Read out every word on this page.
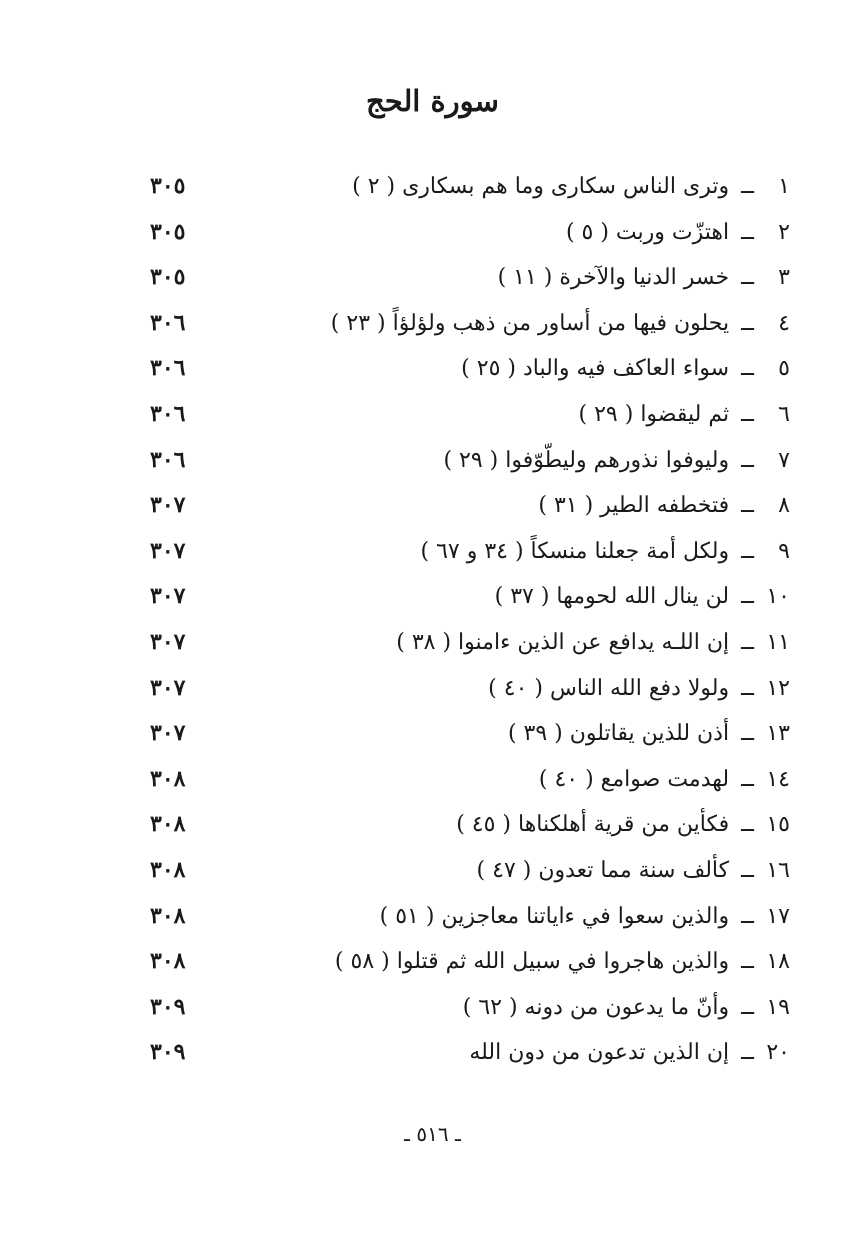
سورة الحج
١ــوترى الناس سكارى وما هم بسكارى ( ٢ )
٣٠٥
٢ــاهتزّت وربت ( ٥ )
٣٠٥
٣ــخسر الدنيا والآخرة ( ١١ )
٣٠٥
٤ــيحلون فيها من أساور من ذهب ولؤلؤاً ( ٢٣ )
٣٠٦
٥ــسواء العاكف فيه والباد ( ٢٥ )
٣٠٦
٦ــثم ليقضوا ( ٢٩ )
٣٠٦
٧ــوليوفوا نذورهم وليطّوّفوا ( ٢٩ )
٣٠٦
٨ــفتخطفه الطير ( ٣١ )
٣٠٧
٩ــولكل أمة جعلنا منسكاً ( ٣٤ و ٦٧ )
٣٠٧
١٠ــلن ينال الله لحومها ( ٣٧ )
٣٠٧
١١ــإن اللـه يدافع عن الذين ءامنوا ( ٣٨ )
٣٠٧
١٢ــولولا دفع الله الناس ( ٤٠ )
٣٠٧
١٣ــأذن للذين يقاتلون ( ٣٩ )
٣٠٧
١٤ــلهدمت صوامع ( ٤٠ )
٣٠٨
١٥ــفكأين من قرية أهلكناها ( ٤٥ )
٣٠٨
١٦ــكألف سنة مما تعدون ( ٤٧ )
٣٠٨
١٧ــوالذين سعوا في ءاياتنا معاجزين ( ٥١ )
٣٠٨
١٨ــوالذين هاجروا في سبيل الله ثم قتلوا ( ٥٨ )
٣٠٨
١٩ــوأنّ ما يدعون من دونه ( ٦٢ )
٣٠٩
٢٠ــإن الذين تدعون من دون الله
٣٠٩
ـ ٥١٦ ـ
